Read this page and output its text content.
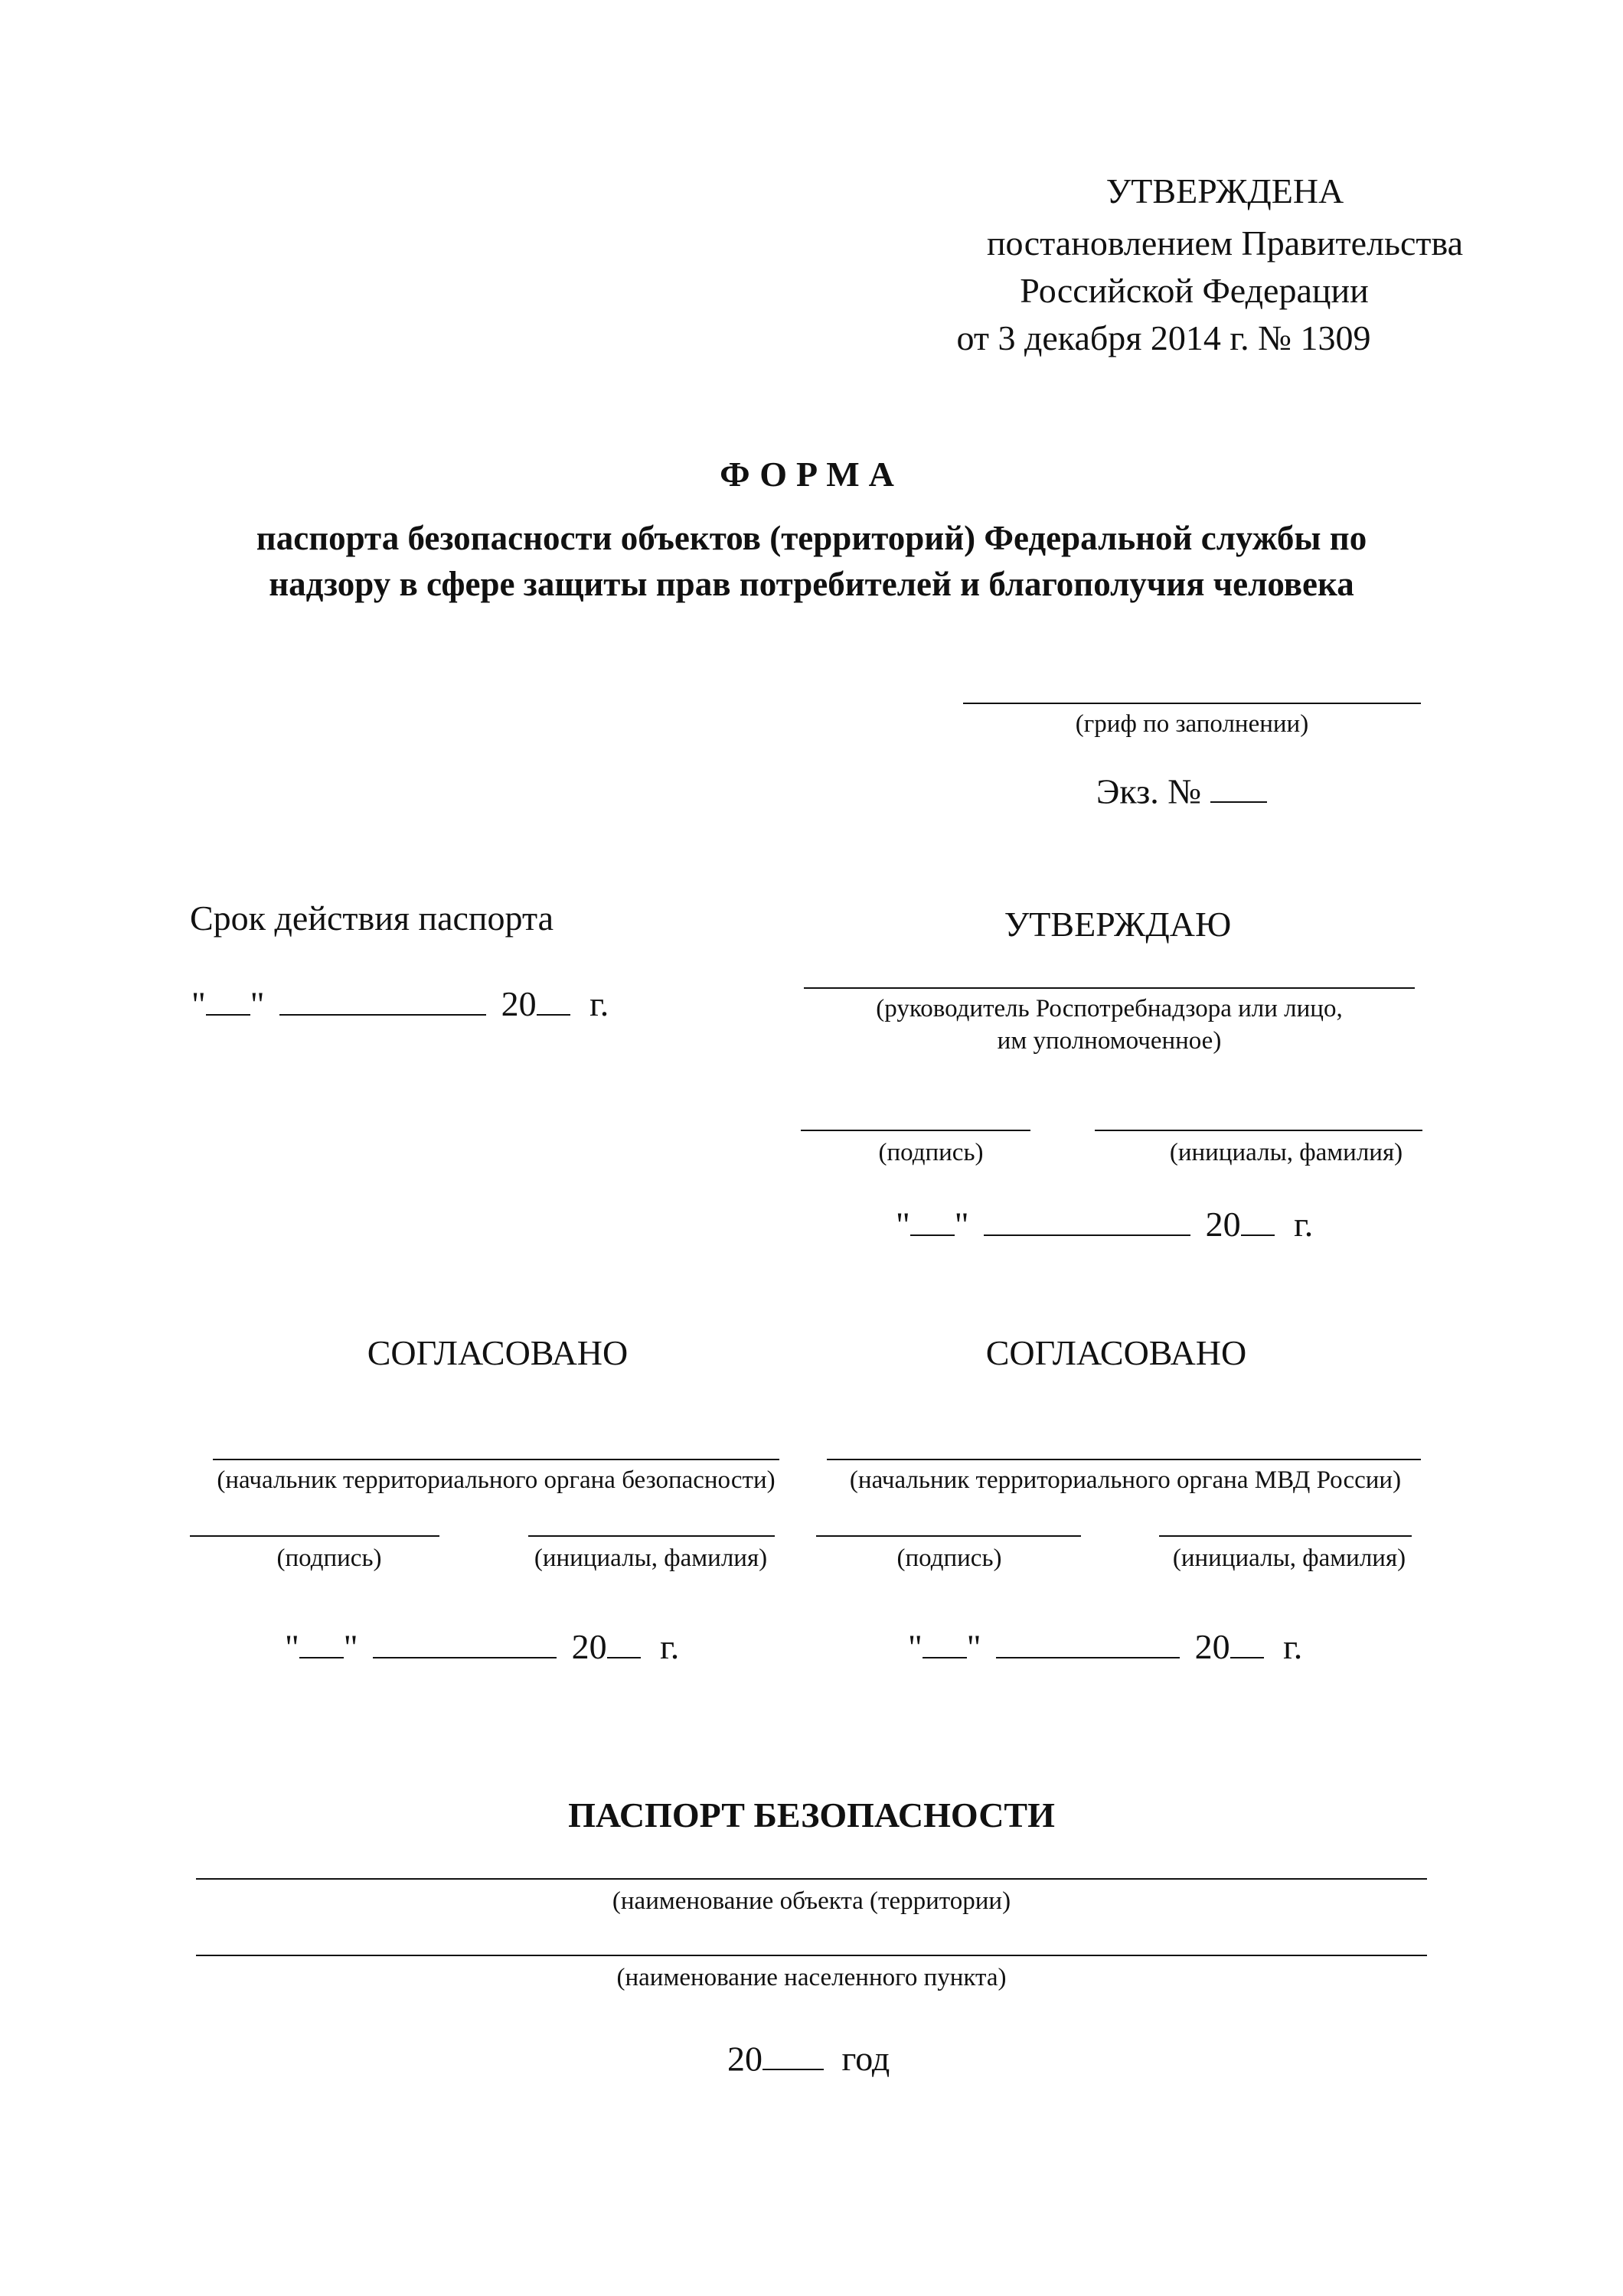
УТВЕРЖДЕНА
постановлением Правительства
Российской Федерации
от 3 декабря 2014 г. № 1309
ФОРМА
паспорта безопасности объектов (территорий) Федеральной службы по
надзору в сфере защиты прав потребителей и благополучия человека
(гриф по заполнении)
Экз. №
Срок действия паспорта
" "	20 г.
УТВЕРЖДАЮ
(руководитель Роспотребнадзора или лицо,
им уполномоченное)
(подпись)	(инициалы, фамилия)
" "	20 г.
СОГЛАСОВАНО
(начальник территориального органа безопасности)
(подпись)	(инициалы, фамилия)
" "	20 г.
СОГЛАСОВАНО
(начальник территориального органа МВД России)
(подпись)	(инициалы, фамилия)
" "	20 г.
ПАСПОРТ БЕЗОПАСНОСТИ
(наименование объекта (территории)
(наименование населенного пункта)
20 год
